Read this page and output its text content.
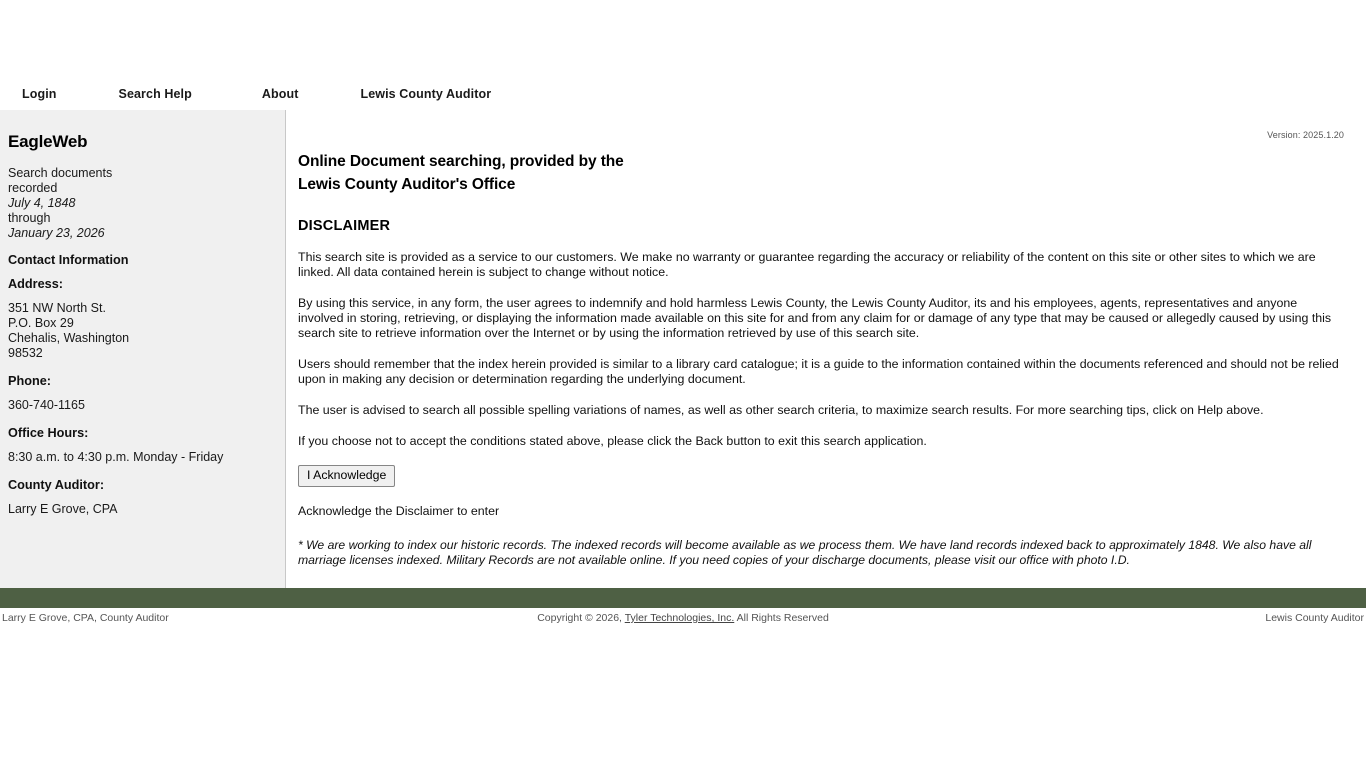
Login	Search Help	About	Lewis County Auditor
EagleWeb
Search documents
recorded
July 4, 1848
through
January 23, 2026
Contact Information
Address:
351 NW North St.
P.O. Box 29
Chehalis, Washington
98532
Phone:
360-740-1165
Office Hours:
8:30 a.m. to 4:30 p.m. Monday - Friday
County Auditor:
Larry E Grove, CPA
Version: 2025.1.20
Online Document searching, provided by the
Lewis County Auditor's Office
DISCLAIMER

This search site is provided as a service to our customers. We make no warranty or guarantee regarding the accuracy or reliability of the content on this site or other sites to which we are linked. All data contained herein is subject to change without notice.

By using this service, in any form, the user agrees to indemnify and hold harmless Lewis County, the Lewis County Auditor, its and his employees, agents, representatives and anyone involved in storing, retrieving, or displaying the information made available on this site for and from any claim for or damage of any type that may be caused or allegedly caused by using this search site to retrieve information over the Internet or by using the information retrieved by use of this search site.

Users should remember that the index herein provided is similar to a library card catalogue; it is a guide to the information contained within the documents referenced and should not be relied upon in making any decision or determination regarding the underlying document.

The user is advised to search all possible spelling variations of names, as well as other search criteria, to maximize search results. For more searching tips, click on Help above.

If you choose not to accept the conditions stated above, please click the Back button to exit this search application.

I Acknowledge

Acknowledge the Disclaimer to enter

* We are working to index our historic records. The indexed records will become available as we process them. We have land records indexed back to approximately 1848. We also have all marriage licenses indexed. Military Records are not available online. If you need copies of your discharge documents, please visit our office with photo I.D.

Larry E Grove, CPA, County Auditor	Copyright © 2026, Tyler Technologies, Inc. All Rights Reserved	Lewis County Auditor
